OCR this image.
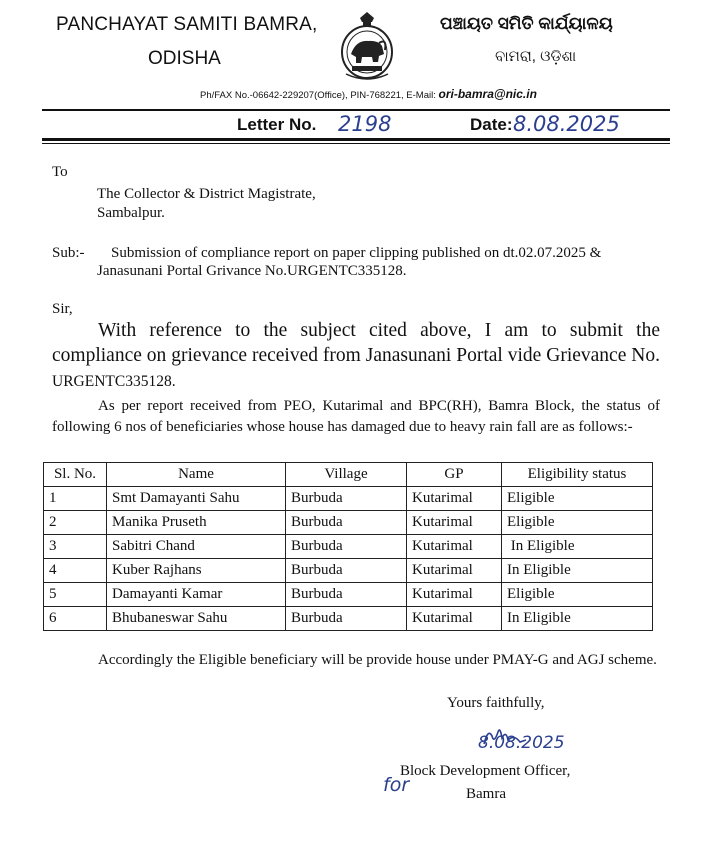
PANCHAYAT SAMITI BAMRA,
ODISHA
ପଞ୍ଚାୟତ ସମିତି କାର୍ଯ୍ୟାଳୟ
ବାମରା, ଓଡ଼ିଶା
Ph/FAX No.-06642-229207(Office), PIN-768221, E-Mail: ori-bamra@nic.in
Letter No. 2198	Date: 8.08.2025
To
The Collector & District Magistrate,
Sambalpur.
Sub:- Submission of compliance report on paper clipping published on dt.02.07.2025 &
Janasunani Portal Grivance No.URGENTC335128.
Sir,
With reference to the subject cited above, I am to submit the compliance on grievance received from Janasunani Portal vide Grievance No. URGENTC335128.
As per report received from PEO, Kutarimal and BPC(RH), Bamra Block, the status of following 6 nos of beneficiaries whose house has damaged due to heavy rain fall are as follows:-
Sl. No.	Name	Village	GP	Eligibility status
1	Smt Damayanti Sahu	Burbuda	Kutarimal	Eligible
2	Manika Pruseth	Burbuda	Kutarimal	Eligible
3	Sabitri Chand	Burbuda	Kutarimal	In Eligible
4	Kuber Rajhans	Burbuda	Kutarimal	In Eligible
5	Damayanti Kamar	Burbuda	Kutarimal	Eligible
6	Bhubaneswar Sahu	Burbuda	Kutarimal	In Eligible
Accordingly the Eligible beneficiary will be provide house under PMAY-G and AGJ scheme.
Yours faithfully,
8.08.2025
Block Development Officer,
for	Bamra
